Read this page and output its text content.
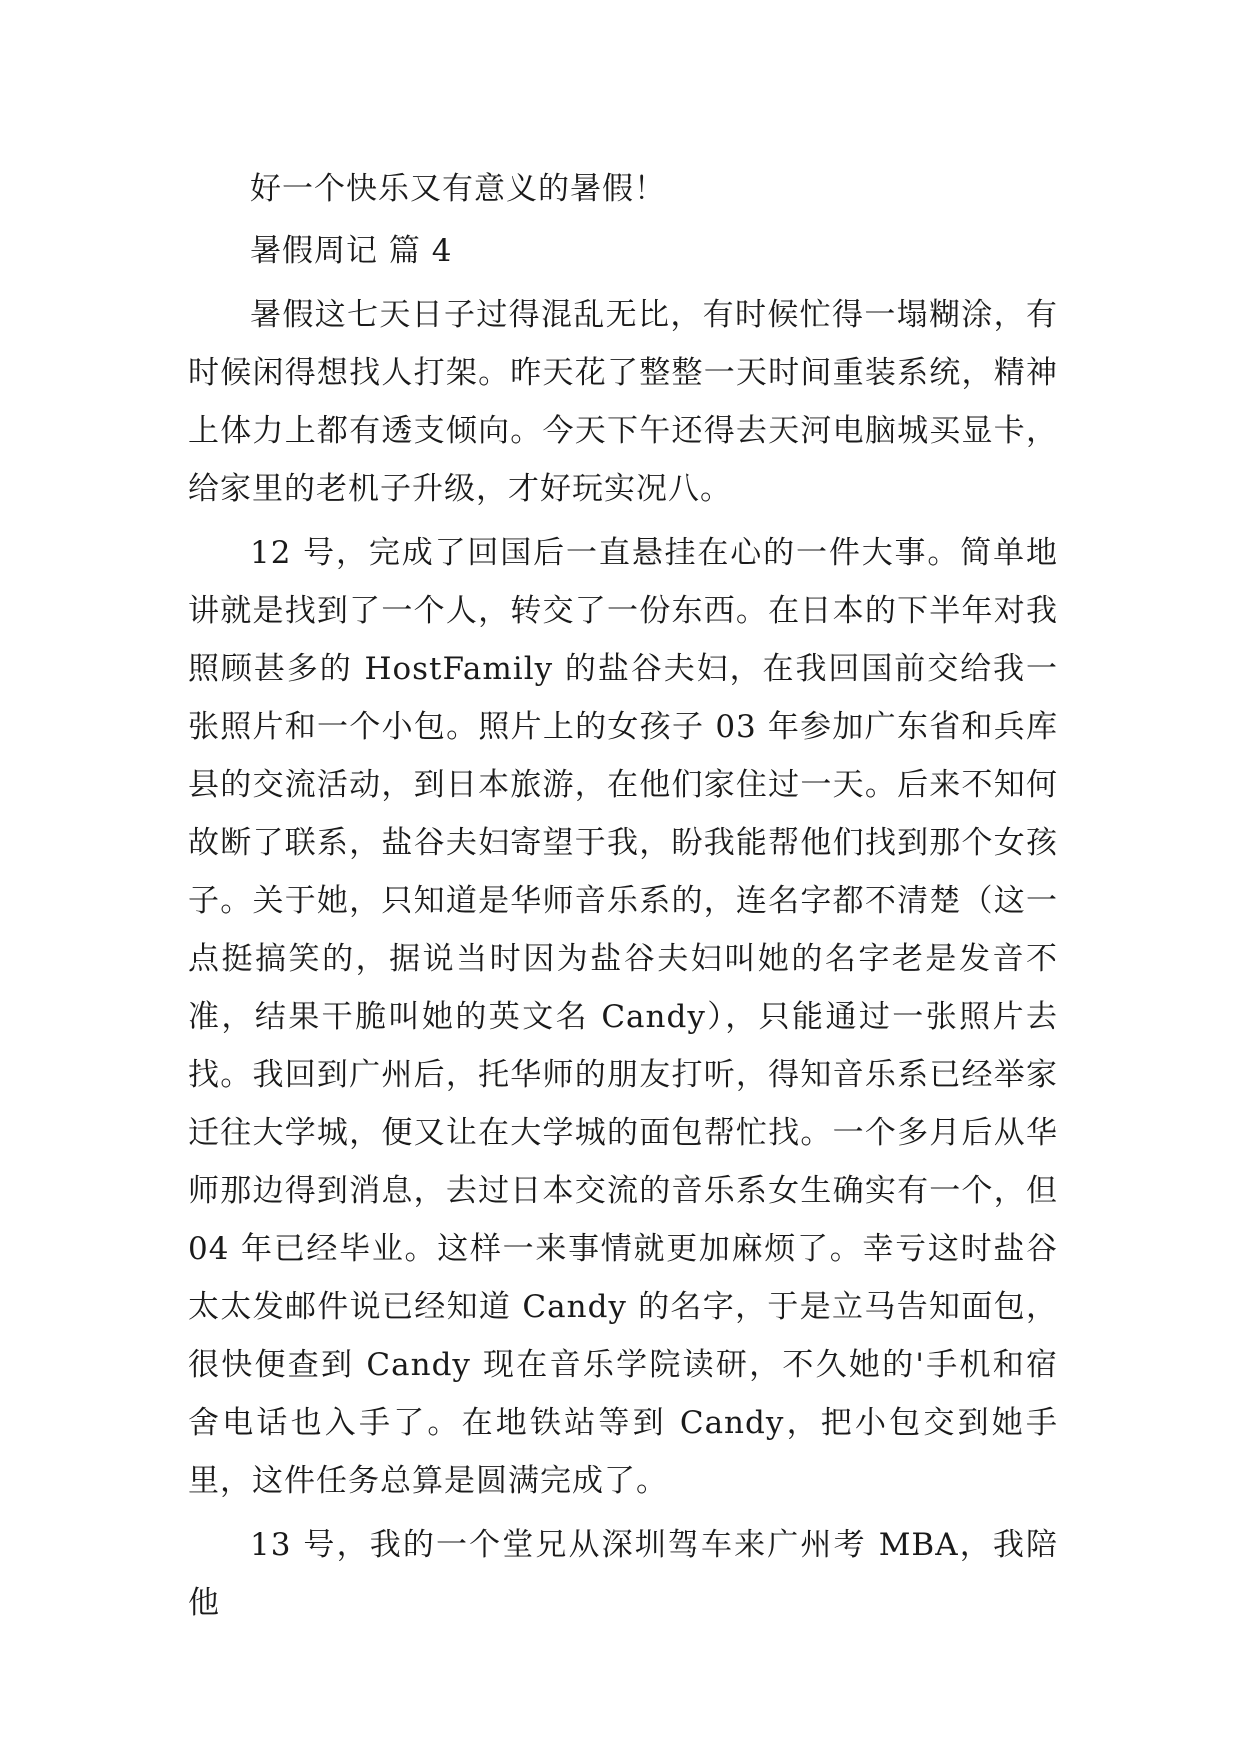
好一个快乐又有意义的暑假！

暑假周记 篇 4

暑假这七天日子过得混乱无比，有时候忙得一塌糊涂，有时候闲得想找人打架。昨天花了整整一天时间重装系统，精神上体力上都有透支倾向。今天下午还得去天河电脑城买显卡，给家里的老机子升级，才好玩实况八。

12 号，完成了回国后一直悬挂在心的一件大事。简单地讲就是找到了一个人，转交了一份东西。在日本的下半年对我照顾甚多的 HostFamily 的盐谷夫妇，在我回国前交给我一张照片和一个小包。照片上的女孩子 03 年参加广东省和兵库县的交流活动，到日本旅游，在他们家住过一天。后来不知何故断了联系，盐谷夫妇寄望于我，盼我能帮他们找到那个女孩子。关于她，只知道是华师音乐系的，连名字都不清楚（这一点挺搞笑的，据说当时因为盐谷夫妇叫她的名字老是发音不准，结果干脆叫她的英文名 Candy），只能通过一张照片去找。我回到广州后，托华师的朋友打听，得知音乐系已经举家迁往大学城，便又让在大学城的面包帮忙找。一个多月后从华师那边得到消息，去过日本交流的音乐系女生确实有一个，但 04 年已经毕业。这样一来事情就更加麻烦了。幸亏这时盐谷太太发邮件说已经知道 Candy 的名字，于是立马告知面包，很快便查到 Candy 现在音乐学院读研，不久她的'手机和宿舍电话也入手了。在地铁站等到 Candy，把小包交到她手里，这件任务总算是圆满完成了。

13 号，我的一个堂兄从深圳驾车来广州考 MBA，我陪他
